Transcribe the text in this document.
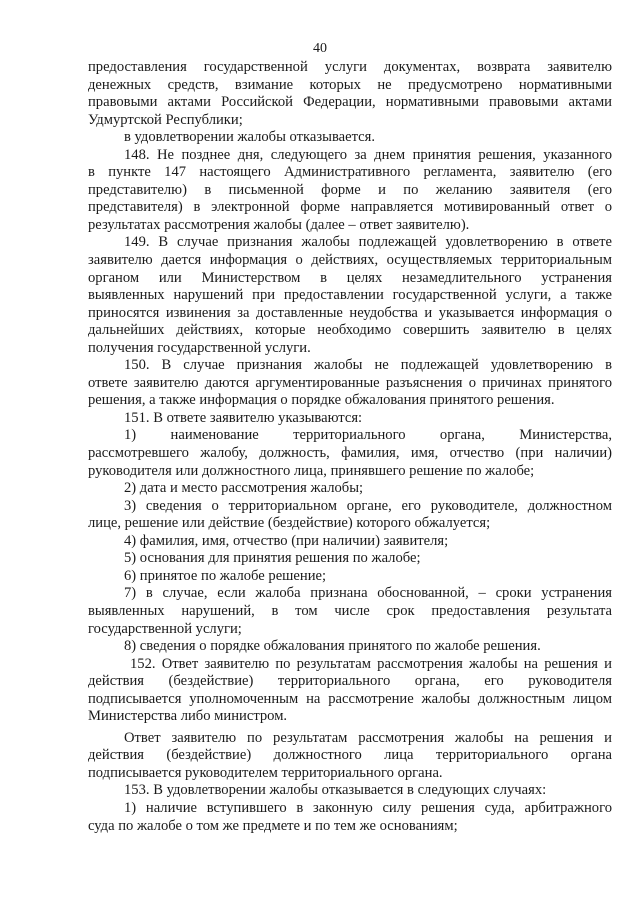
40
предоставления государственной услуги документах, возврата заявителю
денежных средств, взимание которых не предусмотрено нормативными
правовыми актами Российской Федерации, нормативными правовыми актами
Удмуртской Республики;
в удовлетворении жалобы отказывается.
148. Не позднее дня, следующего за днем принятия решения, указанного
в пункте 147 настоящего Административного регламента, заявителю (его
представителю) в письменной форме и по желанию заявителя (его
представителя) в электронной форме направляется мотивированный ответ о
результатах рассмотрения жалобы (далее – ответ заявителю).
149. В случае признания жалобы подлежащей удовлетворению в ответе
заявителю дается информация о действиях, осуществляемых территориальным
органом или Министерством в целях незамедлительного устранения
выявленных нарушений при предоставлении государственной услуги, а также
приносятся извинения за доставленные неудобства и указывается информация о
дальнейших действиях, которые необходимо совершить заявителю в целях
получения государственной услуги.
150. В случае признания жалобы не подлежащей удовлетворению в
ответе заявителю даются аргументированные разъяснения о причинах принятого
решения, а также информация о порядке обжалования принятого решения.
151. В ответе заявителю указываются:
1) наименование территориального органа, Министерства,
рассмотревшего жалобу, должность, фамилия, имя, отчество (при наличии)
руководителя или должностного лица, принявшего решение по жалобе;
2) дата и место рассмотрения жалобы;
3) сведения о территориальном органе, его руководителе, должностном
лице, решение или действие (бездействие) которого обжалуется;
4) фамилия, имя, отчество (при наличии) заявителя;
5) основания для принятия решения по жалобе;
6) принятое по жалобе решение;
7) в случае, если жалоба признана обоснованной, – сроки устранения
выявленных нарушений, в том числе срок предоставления результата
государственной услуги;
8) сведения о порядке обжалования принятого по жалобе решения.
152. Ответ заявителю по результатам рассмотрения жалобы на решения и
действия (бездействие) территориального органа, его руководителя
подписывается уполномоченным на рассмотрение жалобы должностным лицом
Министерства либо министром.
Ответ заявителю по результатам рассмотрения жалобы на решения и
действия (бездействие) должностного лица территориального органа
подписывается руководителем территориального органа.
153. В удовлетворении жалобы отказывается в следующих случаях:
1) наличие вступившего в законную силу решения суда, арбитражного
суда по жалобе о том же предмете и по тем же основаниям;
